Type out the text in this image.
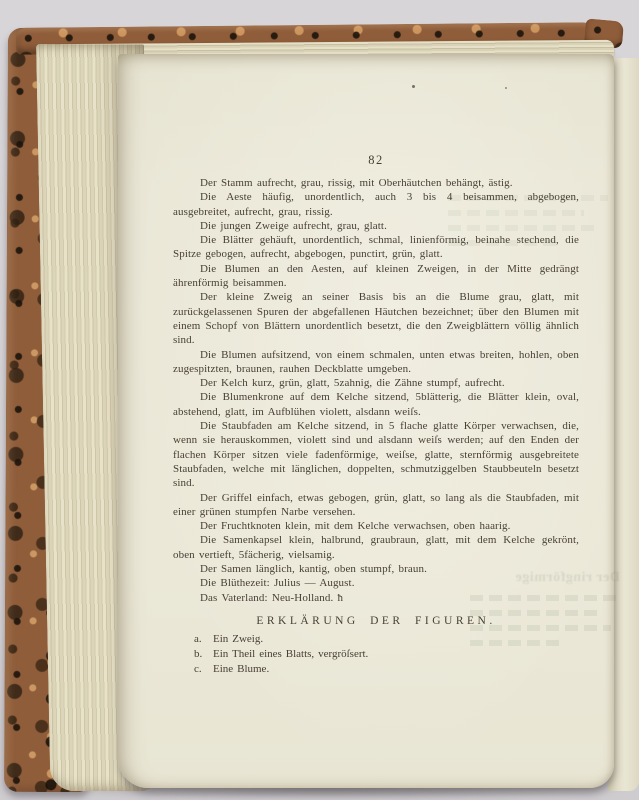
Der ringförmige
82

Der Stamm aufrecht, grau, rissig, mit Oberhäutchen behängt, ästig.

Die Aeste häufig, unordentlich, auch 3 bis 4 beisammen, abgebogen, ausgebreitet, aufrecht, grau, rissig.

Die jungen Zweige aufrecht, grau, glatt.

Die Blätter gehäuft, unordentlich, schmal, linienförmig, beinahe stechend, die Spitze gebogen, aufrecht, abgebogen, punctirt, grün, glatt.

Die Blumen an den Aesten, auf kleinen Zweigen, in der Mitte gedrängt ährenförmig beisammen.

Der kleine Zweig an seiner Basis bis an die Blume grau, glatt, mit zurückgelassenen Spuren der abgefallenen Häutchen bezeichnet; über den Blumen mit einem Schopf von Blättern unordentlich besetzt, die den Zweigblättern völlig ähnlich sind.

Die Blumen aufsitzend, von einem schmalen, unten etwas breiten, hohlen, oben zugespitzten, braunen, rauhen Deckblatte umgeben.

Der Kelch kurz, grün, glatt, 5zahnig, die Zähne stumpf, aufrecht.

Die Blumenkrone auf dem Kelche sitzend, 5blätterig, die Blätter klein, oval, abstehend, glatt, im Aufblühen violett, alsdann weiſs.

Die Staubfaden am Kelche sitzend, in 5 flache glatte Körper verwachsen, die, wenn sie herauskommen, violett sind und alsdann weiſs werden; auf den Enden der flachen Körper sitzen viele fadenförmige, weiſse, glatte, sternförmig ausgebreitete Staubfaden, welche mit länglichen, doppelten, schmutziggelben Staubbeuteln besetzt sind.

Der Griffel einfach, etwas gebogen, grün, glatt, so lang als die Staubfaden, mit einer grünen stumpfen Narbe versehen.

Der Fruchtknoten klein, mit dem Kelche verwachsen, oben haarig.

Die Samenkapsel klein, halbrund, graubraun, glatt, mit dem Kelche gekrönt, oben vertieft, 5fächerig, vielsamig.

Der Samen länglich, kantig, oben stumpf, braun.

Die Blüthezeit: Julius — August.

Das Vaterland: Neu-Holland. ħ

ERKLÄRUNG DER FIGUREN.
a.	Ein Zweig.
b. Ein Theil eines Blatts, vergröſsert.
c.	Eine Blume.
